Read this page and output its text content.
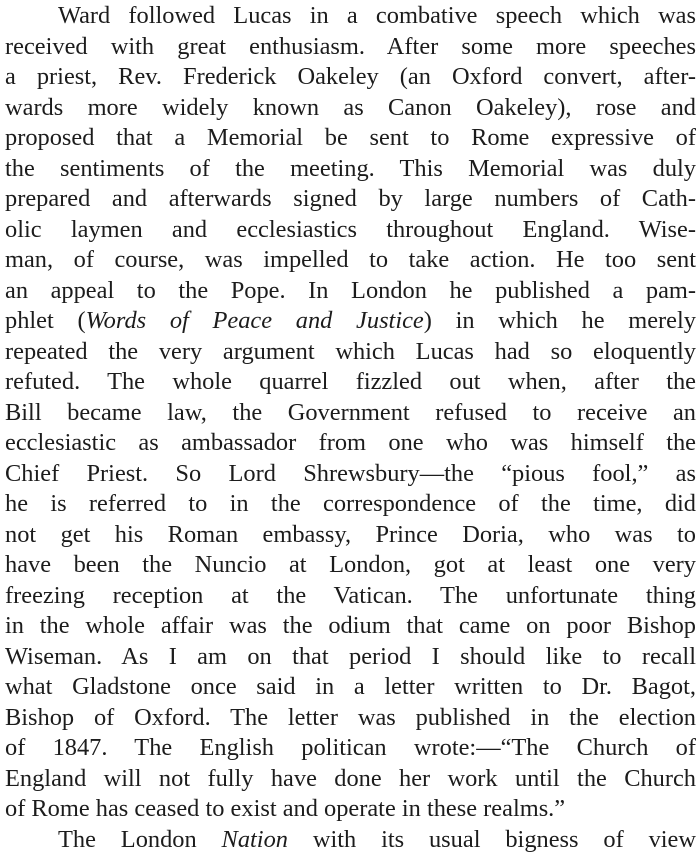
Ward followed Lucas in a combative speech which was
received with great enthusiasm. After some more speeches
a priest, Rev. Frederick Oakeley (an Oxford convert, after-
wards more widely known as Canon Oakeley), rose and
proposed that a Memorial be sent to Rome expressive of
the sentiments of the meeting. This Memorial was duly
prepared and afterwards signed by large numbers of Cath-
olic laymen and ecclesiastics throughout England. Wise-
man, of course, was impelled to take action. He too sent
an appeal to the Pope. In London he published a pam-
phlet (Words of Peace and Justice) in which he merely
repeated the very argument which Lucas had so eloquently
refuted. The whole quarrel fizzled out when, after the
Bill became law, the Government refused to receive an
ecclesiastic as ambassador from one who was himself the
Chief Priest. So Lord Shrewsbury—the “pious fool,” as
he is referred to in the correspondence of the time, did
not get his Roman embassy, Prince Doria, who was to
have been the Nuncio at London, got at least one very
freezing reception at the Vatican. The unfortunate thing
in the whole affair was the odium that came on poor Bishop
Wiseman. As I am on that period I should like to recall
what Gladstone once said in a letter written to Dr. Bagot,
Bishop of Oxford. The letter was published in the election
of 1847. The English politican wrote:—“The Church of
England will not fully have done her work until the Church
of Rome has ceased to exist and operate in these realms.”
The London Nation with its usual bigness of view
